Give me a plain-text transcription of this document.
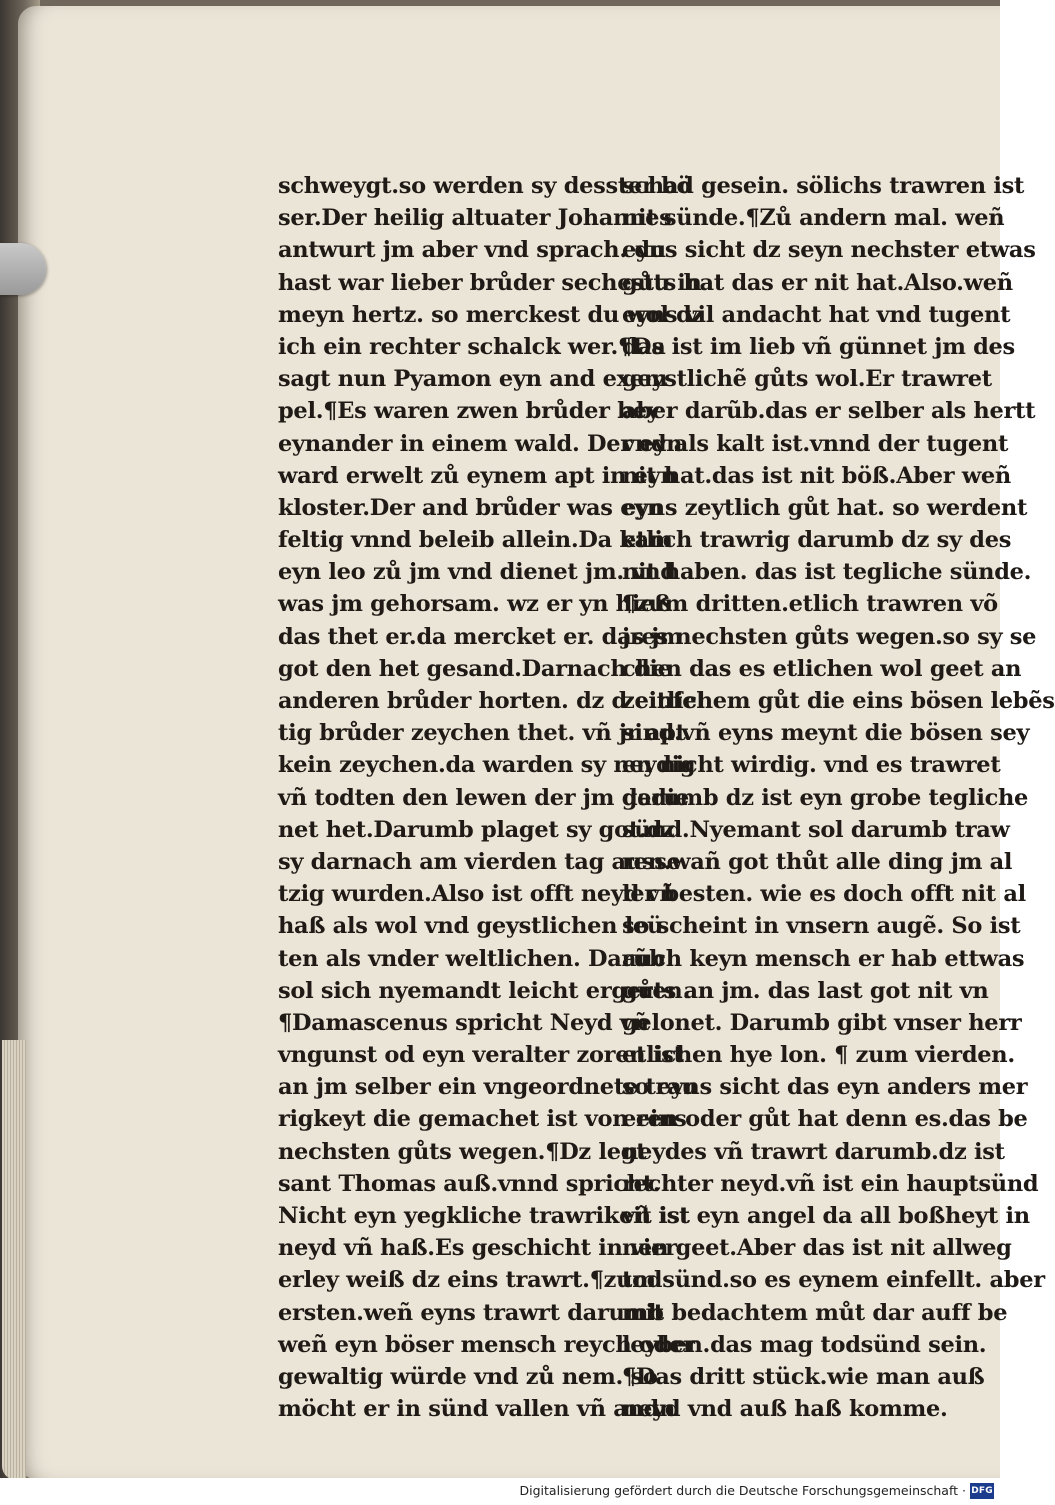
schweygt.so werden sy desster bö
ser.Der heilig altuater Johannes
antwurt jm aber vnd sprach. du
hast war lieber brůder sechestu in
meyn hertz. so merckest du wol dz
ich ein rechter schalck wer.¶Da
sagt nun Pyamon eyn and exem
pel.¶Es waren zwen brůder bey
eynander in einem wald. Der eyn
ward erwelt zů eynem apt in eyn
kloster.Der and brůder was eyn
feltig vnnd beleib allein.Da kam
eyn leo zů jm vnd dienet jm. vnd
was jm gehorsam. wz er yn hieß
das thet er.da mercket er. das jm
got den het gesand.Darnach die
anderen brůder horten. dz d einfel
tig brůder zeychen thet. vñ jr apt
kein zeychen.da warden sy neydig
vñ todten den lewen der jm gedie
net het.Darumb plaget sy got.dz
sy darnach am vierden tag ausse
tzig wurden.Also ist offt neyd vñ
haß als wol vnd geystlichen leü
ten als vnder weltlichen. Darũb
sol sich nyemandt leicht ergeren.
¶Damascenus spricht Neyd vñ
vngunst od eyn veralter zoren ist
an jm selber ein vngeordnete trau
rigkeyt die gemachet ist von eins
nechsten gůts wegen.¶Dz legt
sant Thomas auß.vnnd spricht.
Nicht eyn yegkliche trawrikeit ist
neyd vñ haß.Es geschicht in vier
erley weiß dz eins trawrt.¶zum
ersten.weñ eyns trawrt darumb
weñ eyn böser mensch reych oder
gewaltig würde vnd zů nem. so
möcht er in sünd vallen vñ andn
schad gesein. sölichs trawren ist
nit sünde.¶Zů andern mal. weñ
eyns sicht dz seyn nechster etwas
gůts hat das er nit hat.Also.weñ
eyns vil andacht hat vnd tugent
das ist im lieb vñ günnet jm des
geystlichẽ gůts wol.Er trawret
aber darũb.das er selber als hertt
vnd als kalt ist.vnnd der tugent
nit hat.das ist nit böß.Aber weñ
eyns zeytlich gůt hat. so werdent
etlich trawrig darumb dz sy des
nit haben. das ist tegliche sünde.
¶zum dritten.etlich trawren võ
jres nechsten gůts wegen.so sy se
chen das es etlichen wol geet an
zeitlichem gůt die eins bösen lebẽs
sind.vñ eyns meynt die bösen sey
en nicht wirdig. vnd es trawret
darumb dz ist eyn grobe tegliche
sünd.Nyemant sol darumb traw
ren.wañ got thůt alle ding jm al
ler besten. wie es doch offt nit al
so scheint in vnsern augẽ. So ist
auch keyn mensch er hab ettwas
gůts an jm. das last got nit vn
gelonet. Darumb gibt vnser herr
etlichen hye lon. ¶ zum vierden.
so eyns sicht das eyn anders mer
eren oder gůt hat denn es.das be
neydes vñ trawrt darumb.dz ist
rechter neyd.vñ ist ein hauptsünd
vñ ist eyn angel da all boßheyt in
nen geet.Aber das ist nit allweg
todsünd.so es eynem einfellt. aber
mit bedachtem můt dar auff be
leyben.das mag todsünd sein.
¶Das dritt stück.wie man auß
neyd vnd auß haß komme.
Digitalisierung gefördert durch die Deutsche Forschungsgemeinschaft · DFG
